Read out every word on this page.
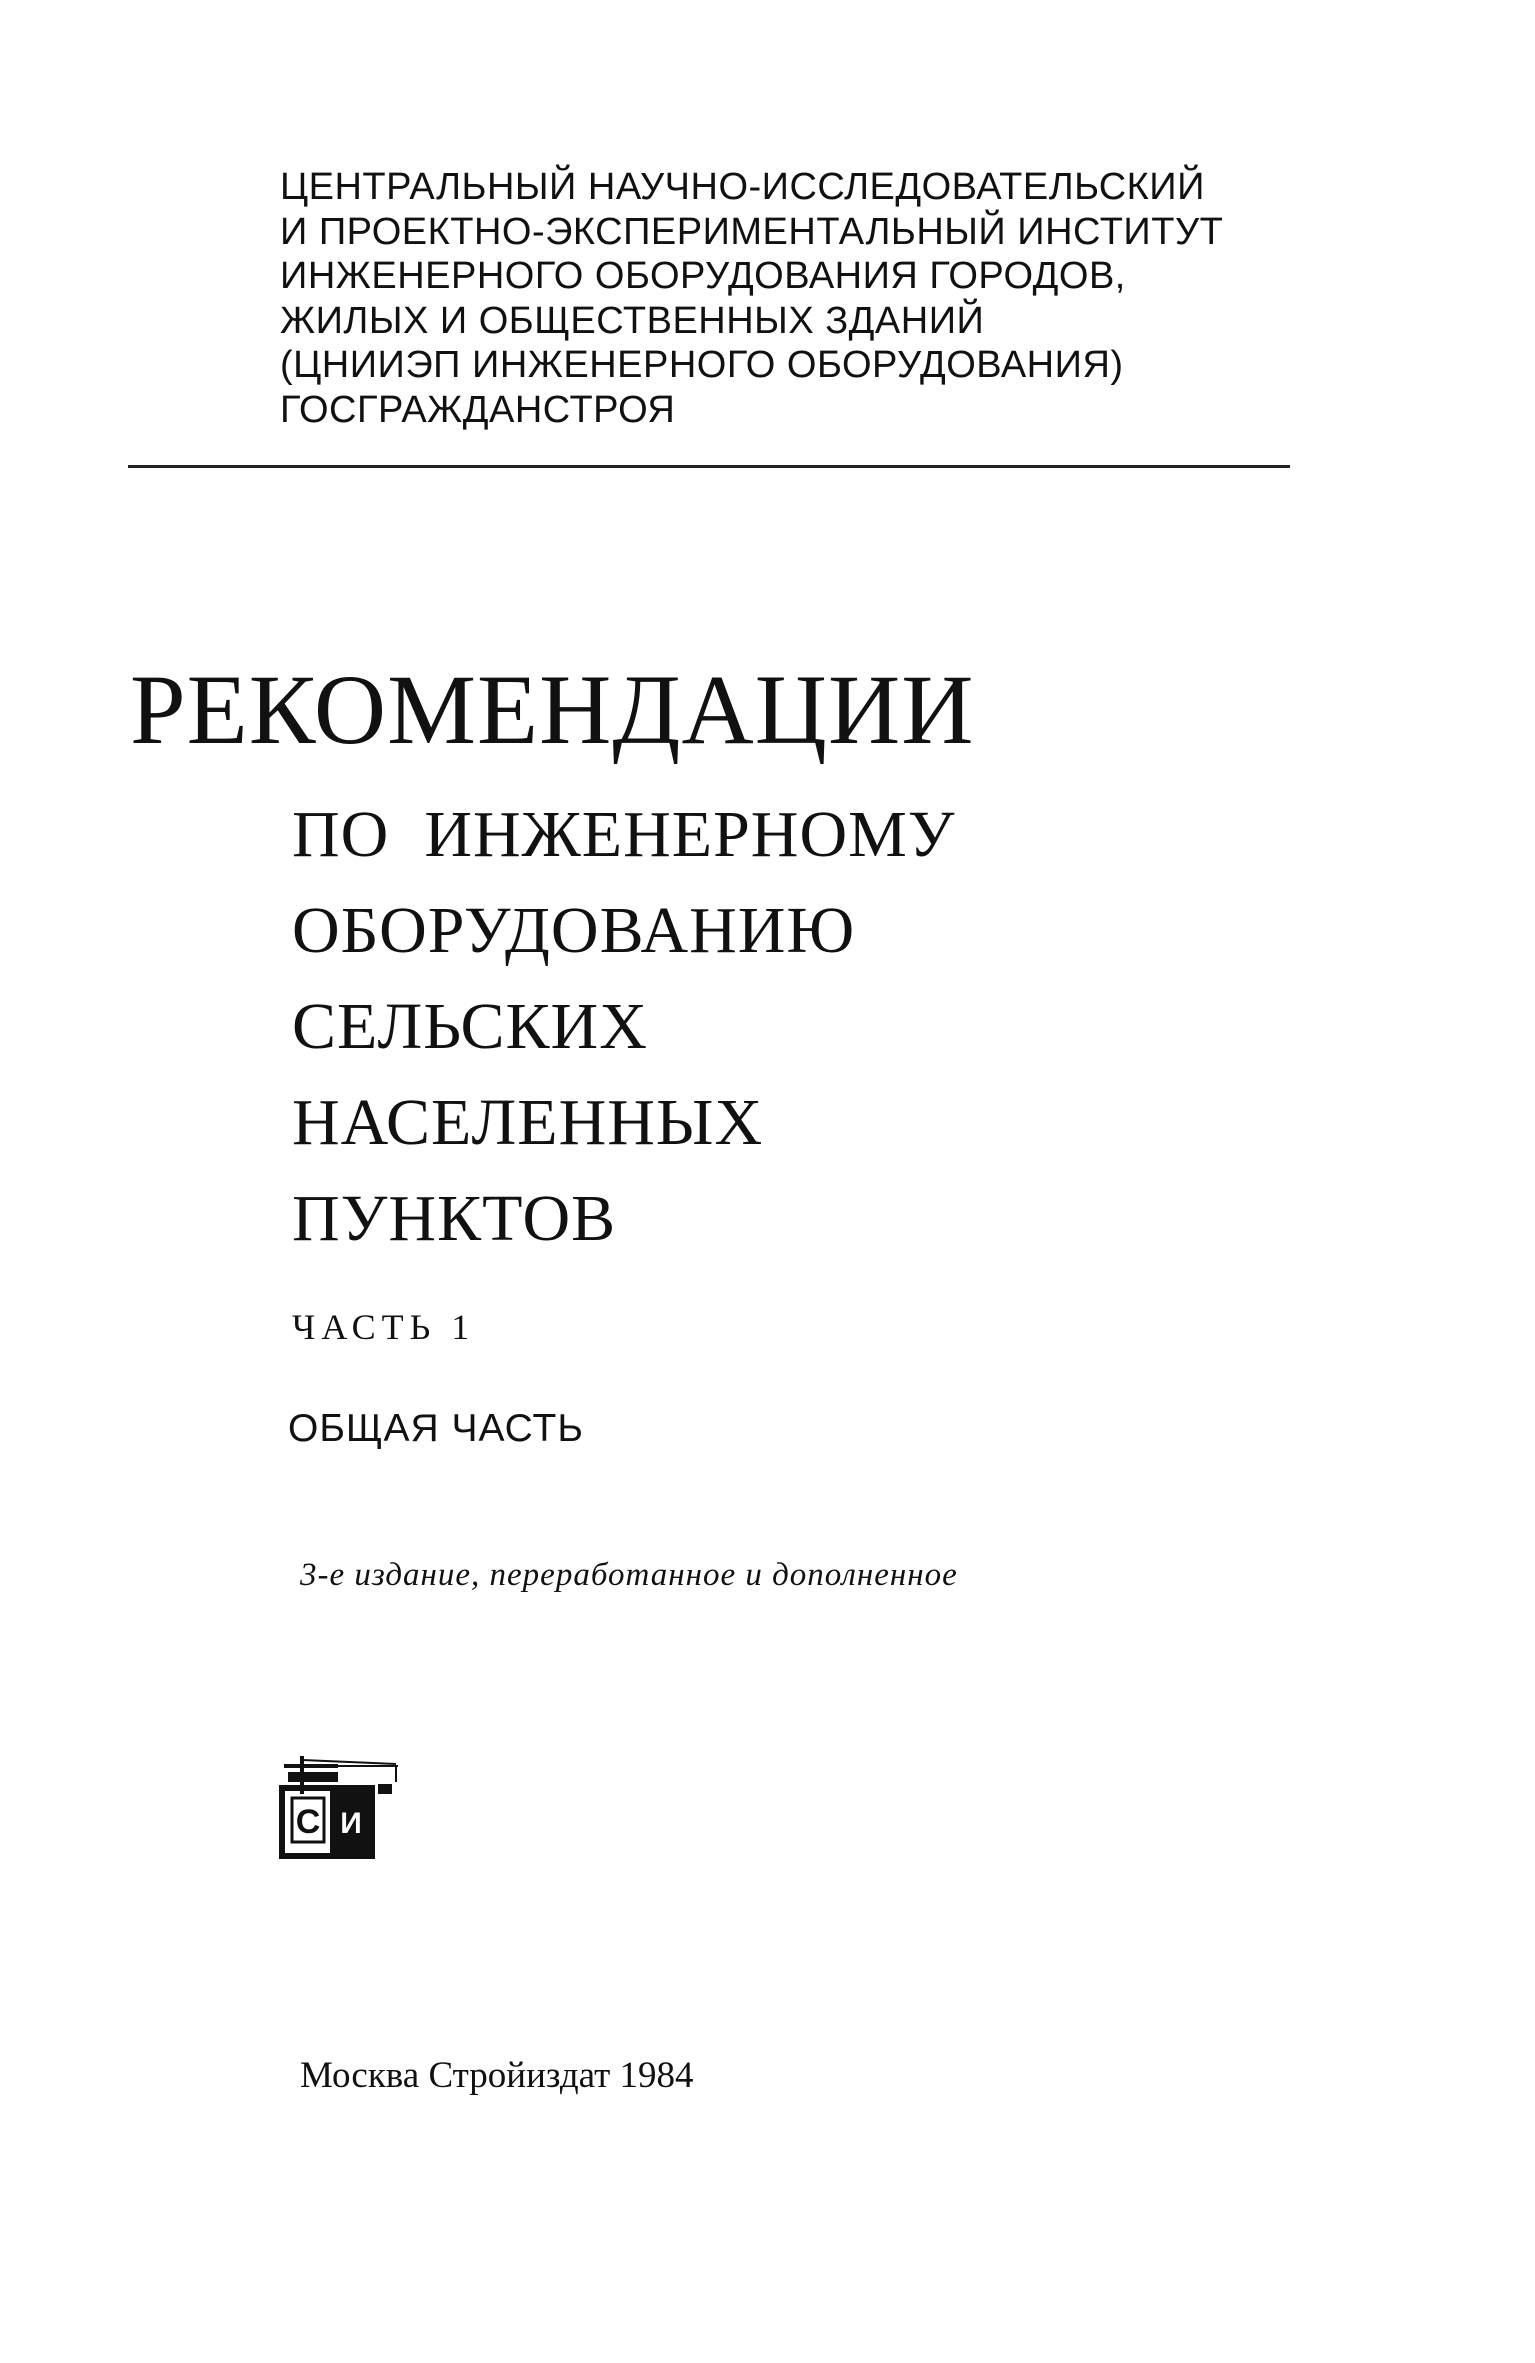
ЦЕНТРАЛЬНЫЙ НАУЧНО-ИССЛЕДОВАТЕЛЬСКИЙ
И ПРОЕКТНО-ЭКСПЕРИМЕНТАЛЬНЫЙ ИНСТИТУТ
ИНЖЕНЕРНОГО ОБОРУДОВАНИЯ ГОРОДОВ,
ЖИЛЫХ И ОБЩЕСТВЕННЫХ ЗДАНИЙ
(ЦНИИЭП ИНЖЕНЕРНОГО ОБОРУДОВАНИЯ)
ГОСГРАЖДАНСТРОЯ
РЕКОМЕНДАЦИИ
ПО  ИНЖЕНЕРНОМУ
ОБОРУДОВАНИЮ
СЕЛЬСКИХ
НАСЕЛЕННЫХ
ПУНКТОВ
ЧАСТЬ 1
ОБЩАЯ ЧАСТЬ
3-е издание, переработанное и дополненное
С И
Москва Стройиздат 1984
